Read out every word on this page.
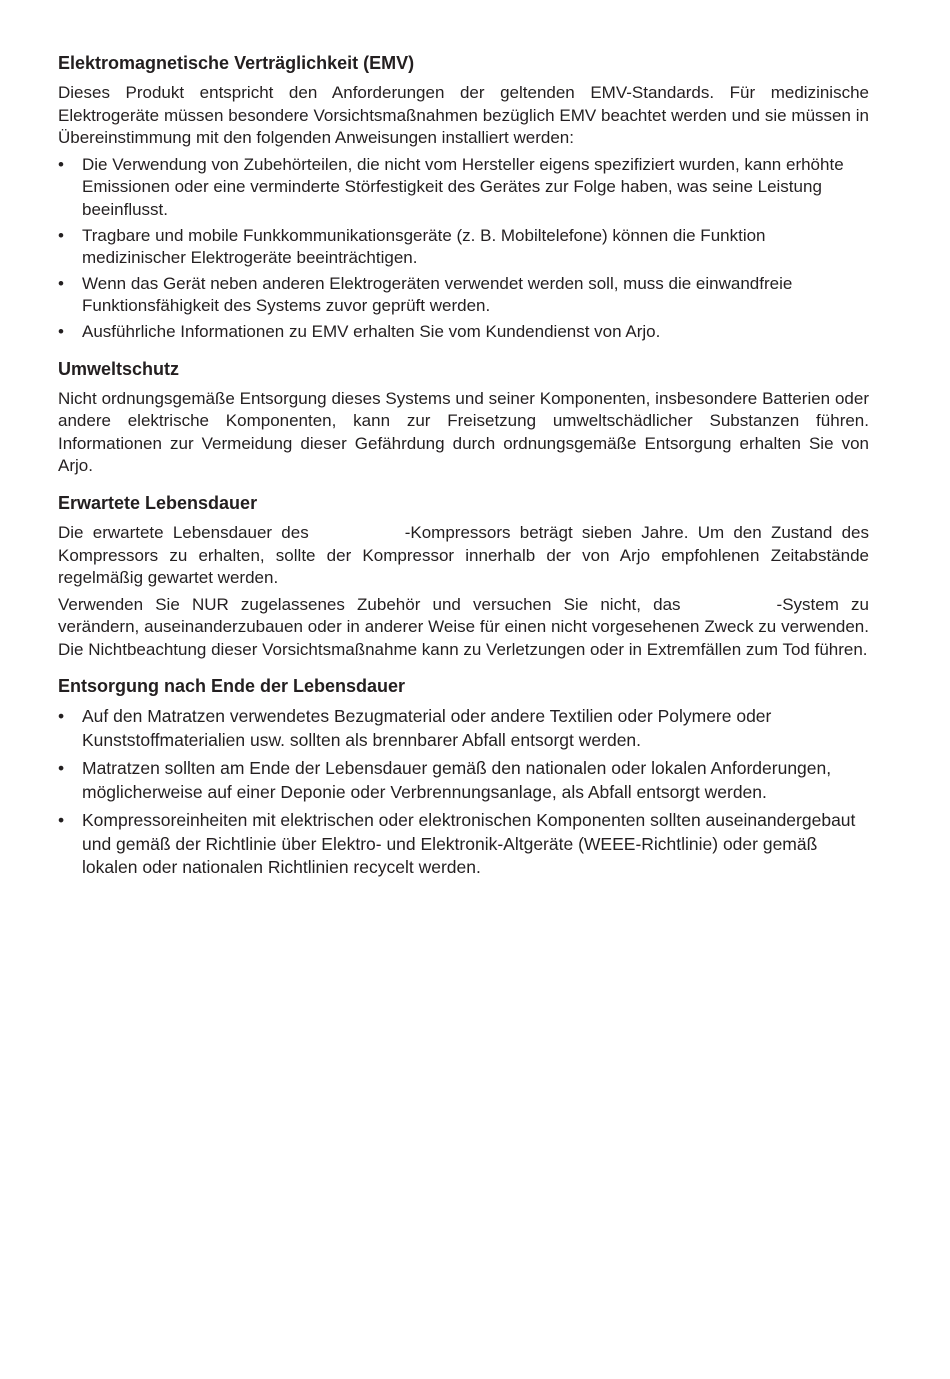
Elektromagnetische Verträglichkeit (EMV)

Dieses Produkt entspricht den Anforderungen der geltenden EMV-Standards. Für medizinische Elektrogeräte müssen besondere Vorsichtsmaßnahmen bezüglich EMV beachtet werden und sie müssen in Übereinstimmung mit den folgenden Anweisungen installiert werden:

• Die Verwendung von Zubehörteilen, die nicht vom Hersteller eigens spezifiziert wurden, kann erhöhte Emissionen oder eine verminderte Störfestigkeit des Gerätes zur Folge haben, was seine Leistung beeinflusst.
• Tragbare und mobile Funkkommunikationsgeräte (z. B. Mobiltelefone) können die Funktion medizinischer Elektrogeräte beeinträchtigen.
• Wenn das Gerät neben anderen Elektrogeräten verwendet werden soll, muss die einwandfreie Funktionsfähigkeit des Systems zuvor geprüft werden.
• Ausführliche Informationen zu EMV erhalten Sie vom Kundendienst von Arjo.
Umweltschutz

Nicht ordnungsgemäße Entsorgung dieses Systems und seiner Komponenten, insbesondere Batterien oder andere elektrische Komponenten, kann zur Freisetzung umweltschädlicher Substanzen führen. Informationen zur Vermeidung dieser Gefährdung durch ordnungsgemäße Entsorgung erhalten Sie von Arjo.

Erwartete Lebensdauer

Die erwartete Lebensdauer des	-Kompressors beträgt sieben Jahre. Um den Zustand des Kompressors zu erhalten, sollte der Kompressor innerhalb der von Arjo empfohlenen Zeitabstände regelmäßig gewartet werden.

Verwenden Sie NUR zugelassenes Zubehör und versuchen Sie nicht, das	-System zu verändern, auseinanderzubauen oder in anderer Weise für einen nicht vorgesehenen Zweck zu verwenden. Die Nichtbeachtung dieser Vorsichtsmaßnahme kann zu Verletzungen oder in Extremfällen zum Tod führen.

Entsorgung nach Ende der Lebensdauer
• Auf den Matratzen verwendetes Bezugmaterial oder andere Textilien oder Polymere oder Kunststoffmaterialien usw. sollten als brennbarer Abfall entsorgt werden.
• Matratzen sollten am Ende der Lebensdauer gemäß den nationalen oder lokalen Anforderungen, möglicherweise auf einer Deponie oder Verbrennungsanlage, als Abfall entsorgt werden.
• Kompressoreinheiten mit elektrischen oder elektronischen Komponenten sollten auseinandergebaut und gemäß der Richtlinie über Elektro- und Elektronik-Altgeräte (WEEE-Richtlinie) oder gemäß lokalen oder nationalen Richtlinien recycelt werden.
